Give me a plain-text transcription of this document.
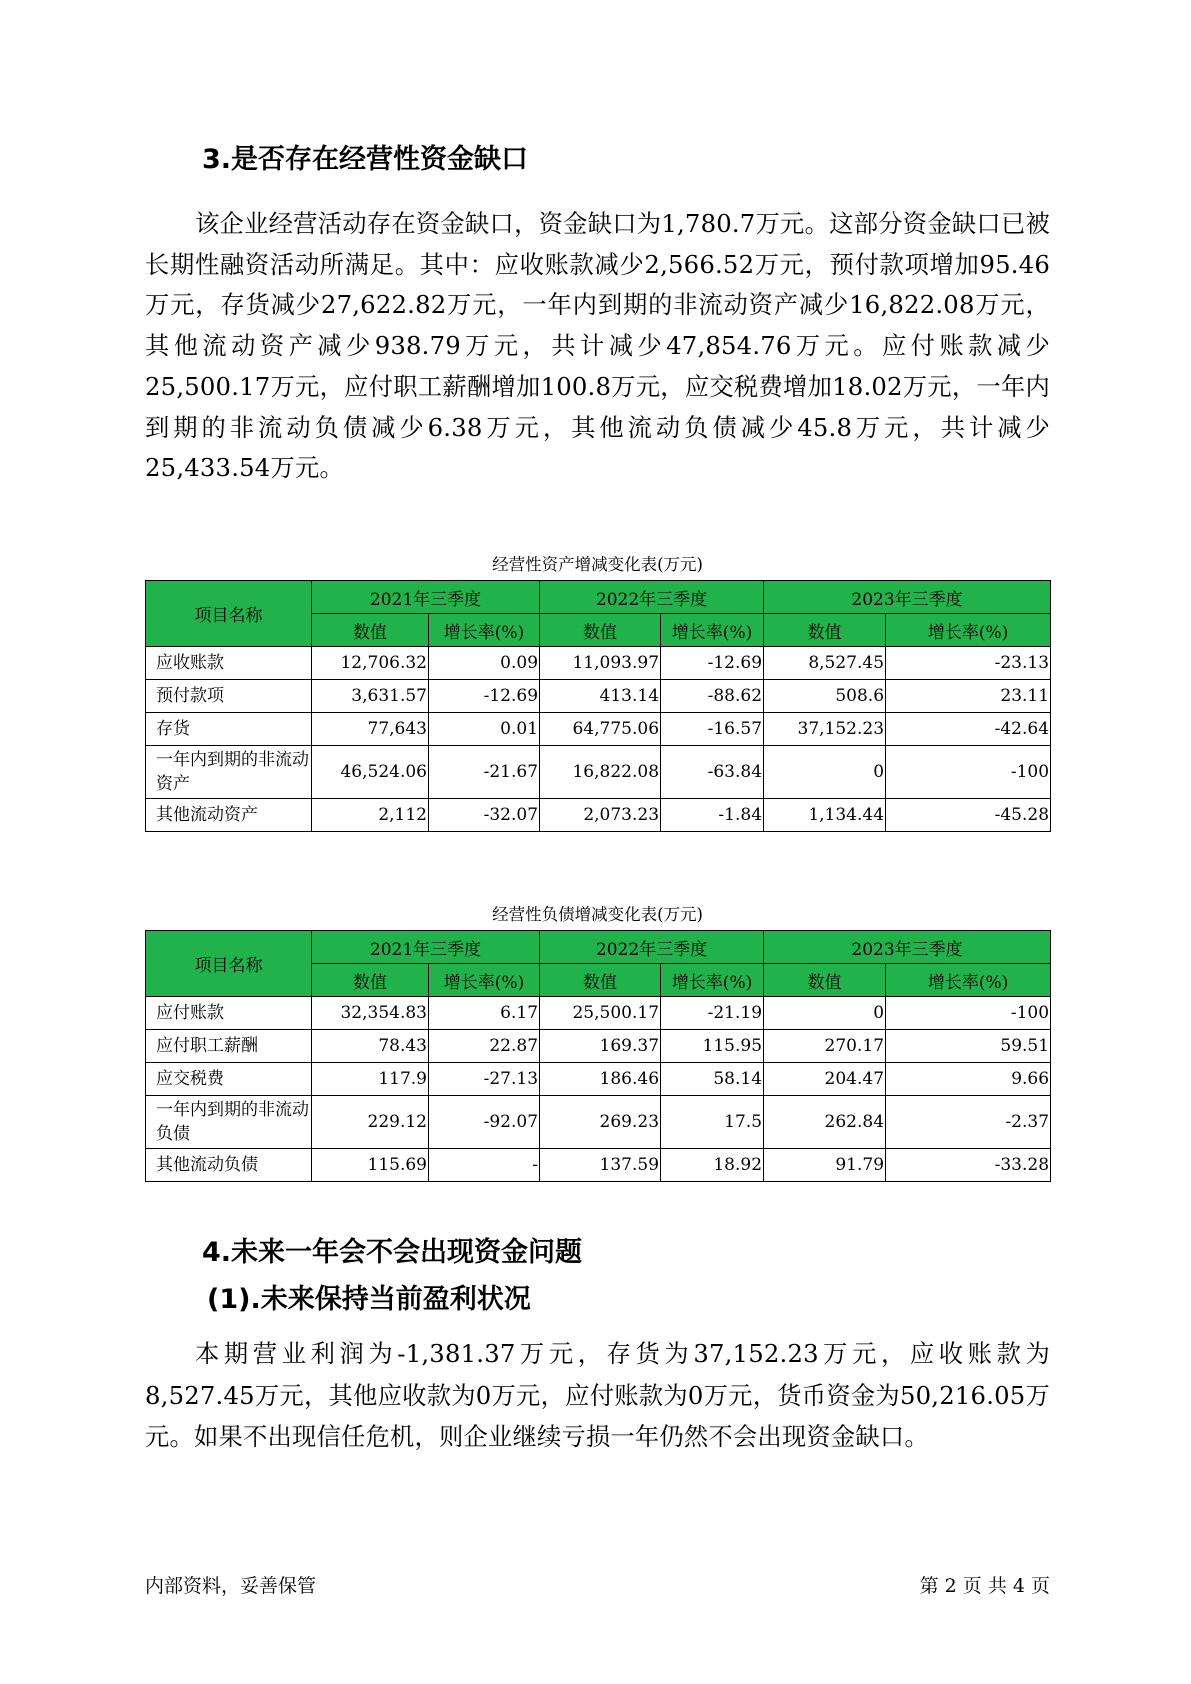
3.是否存在经营性资金缺口

该企业经营活动存在资金缺口，资金缺口为1,780.7万元。这部分资金缺口已被长期性融资活动所满足。其中：应收账款减少2,566.52万元，预付款项增加95.46万元，存货减少27,622.82万元，一年内到期的非流动资产减少16,822.08万元，其他流动资产减少938.79万元，共计减少47,854.76万元。应付账款减少25,500.17万元，应付职工薪酬增加100.8万元，应交税费增加18.02万元，一年内到期的非流动负债减少6.38万元，其他流动负债减少45.8万元，共计减少25,433.54万元。

经营性资产增减变化表(万元)
项目名称	2021年三季度		2022年三季度		2023年三季度	
	数值	增长率(%)	数值	增长率(%)	数值	增长率(%)
应收账款	12,706.32	0.09	11,093.97	-12.69	8,527.45	-23.13
预付款项	3,631.57	-12.69	413.14	-88.62	508.6	23.11
存货	77,643	0.01	64,775.06	-16.57	37,152.23	-42.64
一年内到期的非流动资产	46,524.06	-21.67	16,822.08	-63.84	0	-100
其他流动资产	2,112	-32.07	2,073.23	-1.84	1,134.44	-45.28
经营性负债增减变化表(万元)
项目名称	2021年三季度		2022年三季度		2023年三季度	
	数值	增长率(%)	数值	增长率(%)	数值	增长率(%)
应付账款	32,354.83	6.17	25,500.17	-21.19	0	-100
应付职工薪酬	78.43	22.87	169.37	115.95	270.17	59.51
应交税费	117.9	-27.13	186.46	58.14	204.47	9.66
一年内到期的非流动负债	229.12	-92.07	269.23	17.5	262.84	-2.37
其他流动负债	115.69	-	137.59	18.92	91.79	-33.28
4.未来一年会不会出现资金问题
(1).未来保持当前盈利状况

本期营业利润为-1,381.37万元，存货为37,152.23万元，应收账款为8,527.45万元，其他应收款为0万元，应付账款为0万元，货币资金为50,216.05万元。如果不出现信任危机，则企业继续亏损一年仍然不会出现资金缺口。

内部资料，妥善保管	第 2 页 共 4 页
